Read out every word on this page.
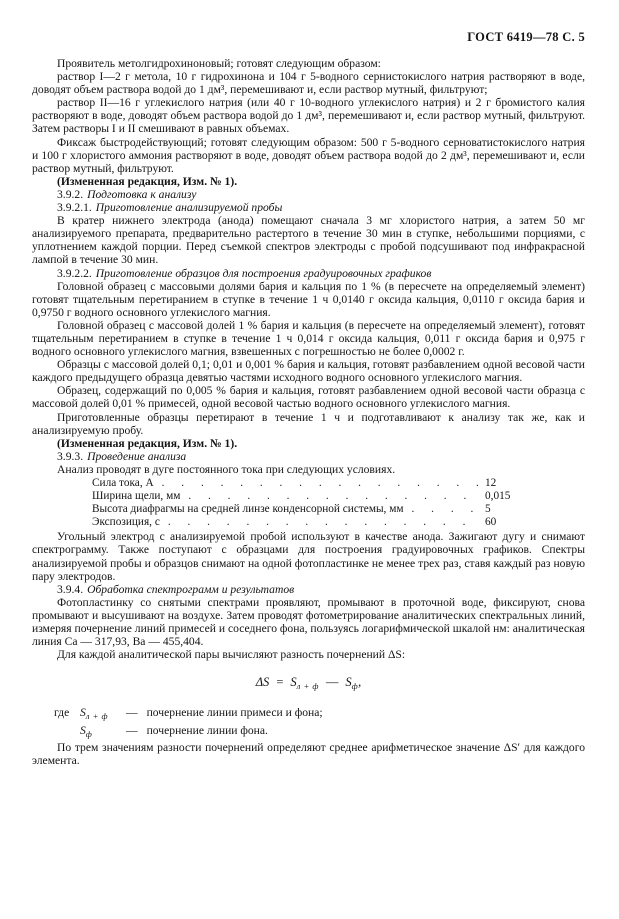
ГОСТ 6419—78 С. 5

Проявитель метолгидрохиноновый; готовят следующим образом:

раствор I—2 г метола, 10 г гидрохинона и 104 г 5-водного сернистокислого натрия растворяют в воде, доводят объем раствора водой до 1 дм³, перемешивают и, если раствор мутный, фильтруют;

раствор II—16 г углекислого натрия (или 40 г 10-водного углекислого натрия) и 2 г бромистого калия растворяют в воде, доводят объем раствора водой до 1 дм³, перемешивают и, если раствор мутный, фильтруют. Затем растворы I и II смешивают в равных объемах.

Фиксаж быстродействующий; готовят следующим образом: 500 г 5-водного серноватистокислого натрия и 100 г хлористого аммония растворяют в воде, доводят объем раствора водой до 2 дм³, перемешивают и, если раствор мутный, фильтруют.

(Измененная редакция, Изм. № 1).

3.9.2. Подготовка к анализу

3.9.2.1. Приготовление анализируемой пробы

В кратер нижнего электрода (анода) помещают сначала 3 мг хлористого натрия, а затем 50 мг анализируемого препарата, предварительно растертого в течение 30 мин в ступке, небольшими порциями, с уплотнением каждой порции. Перед съемкой спектров электроды с пробой подсушивают под инфракрасной лампой в течение 30 мин.

3.9.2.2. Приготовление образцов для построения градуировочных графиков

Головной образец с массовыми долями бария и кальция по 1 % (в пересчете на определяемый элемент) готовят тщательным перетиранием в ступке в течение 1 ч 0,0140 г оксида кальция, 0,0110 г оксида бария и 0,9750 г водного основного углекислого магния.

Головной образец с массовой долей 1 % бария и кальция (в пересчете на определяемый элемент), готовят тщательным перетиранием в ступке в течение 1 ч 0,014 г оксида кальция, 0,011 г оксида бария и 0,975 г водного основного углекислого магния, взвешенных с погрешностью не более 0,0002 г.

Образцы с массовой долей 0,1; 0,01 и 0,001 % бария и кальция, готовят разбавлением одной весовой части каждого предыдущего образца девятью частями исходного водного основного углекислого магния.

Образец, содержащий по 0,005 % бария и кальция, готовят разбавлением одной весовой части образца с массовой долей 0,01 % примесей, одной весовой частью водного основного углекислого магния.

Приготовленные образцы перетирают в течение 1 ч и подготавливают к анализу так же, как и анализируемую пробу.

(Измененная редакция, Изм. № 1).

3.9.3. Проведение анализа

Анализ проводят в дуге постоянного тока при следующих условиях.

Сила тока, А . . .	12
Ширина щели, мм . . .	0,015
Высота диафрагмы на средней линзе конденсорной системы, мм . . .	5
Экспозиция, с . . .	60

Угольный электрод с анализируемой пробой используют в качестве анода. Зажигают дугу и снимают спектрограмму. Также поступают с образцами для построения градуировочных графиков. Спектры анализируемой пробы и образцов снимают на одной фотопластинке не менее трех раз, ставя каждый раз новую пару электродов.

3.9.4. Обработка спектрограмм и результатов

Фотопластинку со снятыми спектрами проявляют, промывают в проточной воде, фиксируют, снова промывают и высушивают на воздухе. Затем проводят фотометрирование аналитических спектральных линий, измеряя почернение линий примесей и соседнего фона, пользуясь логарифмической шкалой нм: аналитическая линия Са — 317,93, Ва — 455,404.

Для каждой аналитической пары вычисляют разность почернений ΔS:

$\Delta S = S_{л + ф}$ — $S_ф$,
где $S_{л + ф}$	— почернение линии примеси и фона;
$S_ф$	— почернение линии фона.

По трем значениям разности почернений определяют среднее арифметическое значение ΔS′ для каждого элемента.
